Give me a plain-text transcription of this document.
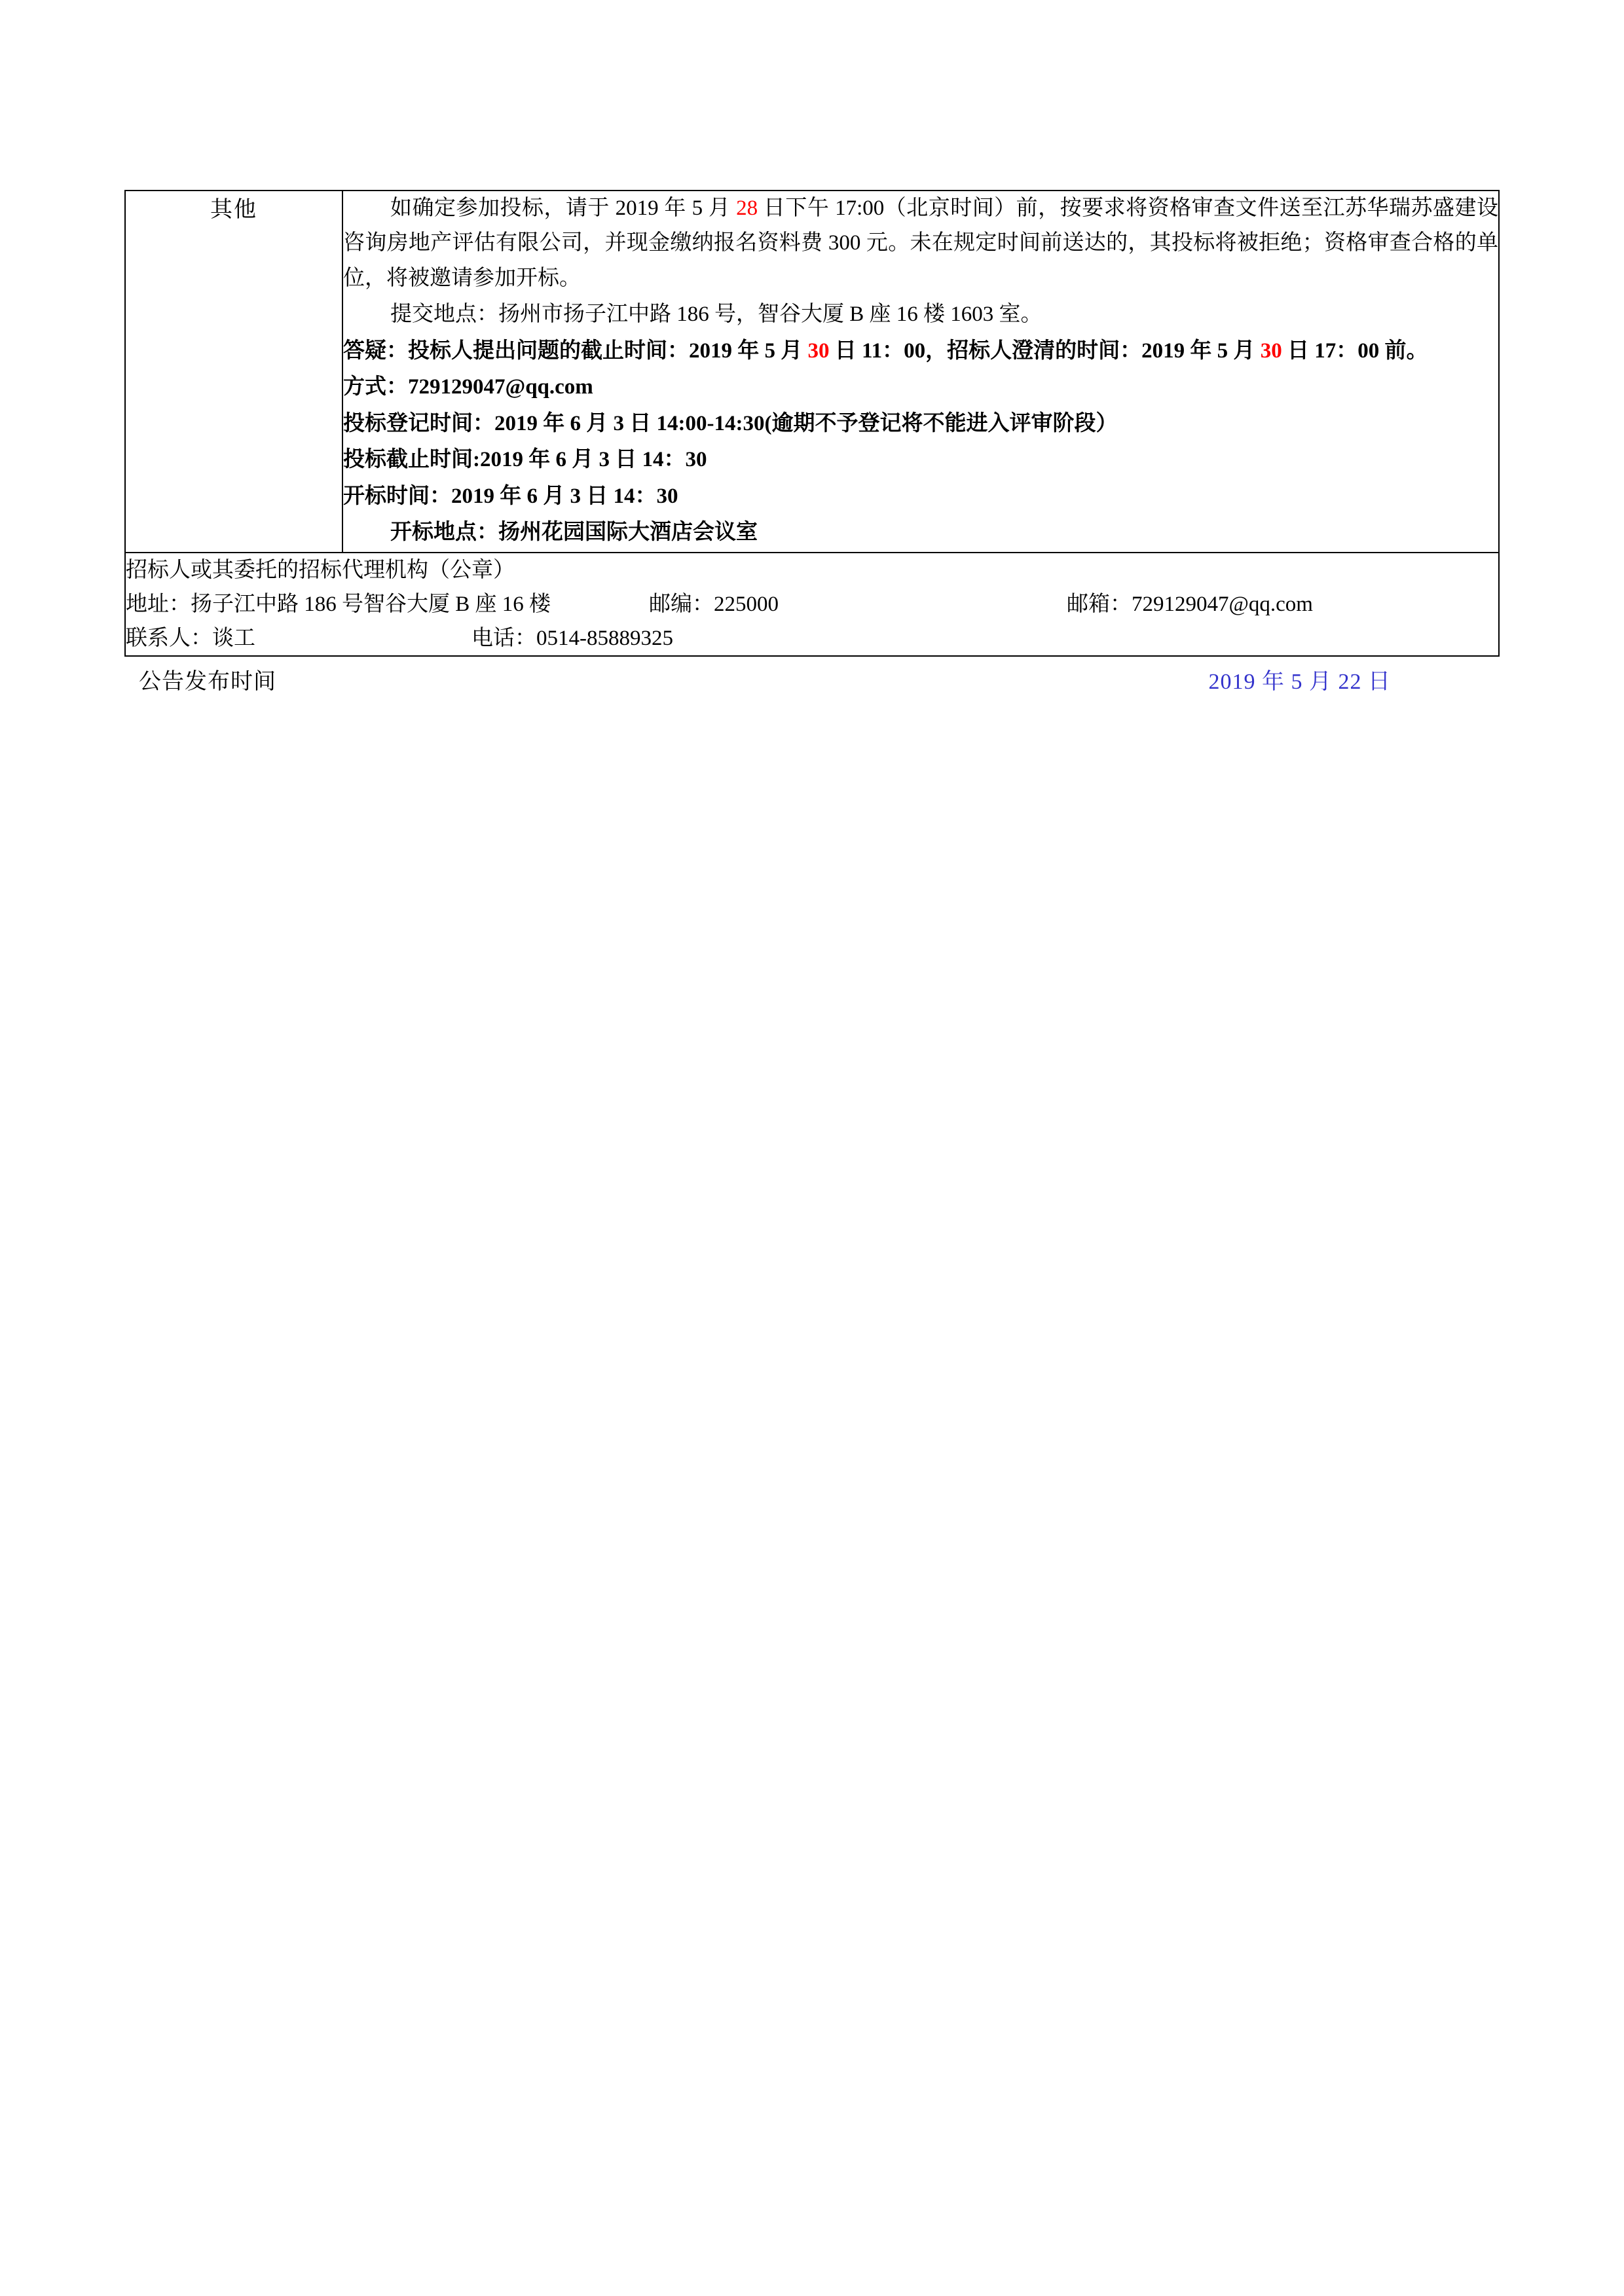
其他	如确定参加投标，请于 2019 年 5 月 28 日下午 17:00（北京时间）前，按要求将资格审查文件送至江苏华瑞苏盛建设咨询房地产评估有限公司，并现金缴纳报名资料费 300 元。未在规定时间前送达的，其投标将被拒绝；资格审查合格的单位，将被邀请参加开标。

提交地点：扬州市扬子江中路 186 号，智谷大厦 B 座 16 楼 1603 室。

答疑：投标人提出问题的截止时间：2019 年 5 月 30 日 11：00，招标人澄清的时间：2019 年 5 月 30 日 17：00 前。

方式：729129047@qq.com

投标登记时间：2019 年 6 月 3 日 14:00-14:30(逾期不予登记将不能进入评审阶段）

投标截止时间:2019 年 6 月 3 日 14：30

开标时间：2019 年 6 月 3 日 14：30

开标地点：扬州花园国际大酒店会议室

招标人或其委托的招标代理机构（公章）

地址：扬子江中路 186 号智谷大厦 B 座 16 楼	邮编：225000	邮箱：729129047@qq.com

联系人：谈工	电话：0514-85889325

公告发布时间	2019 年 5 月 22 日
